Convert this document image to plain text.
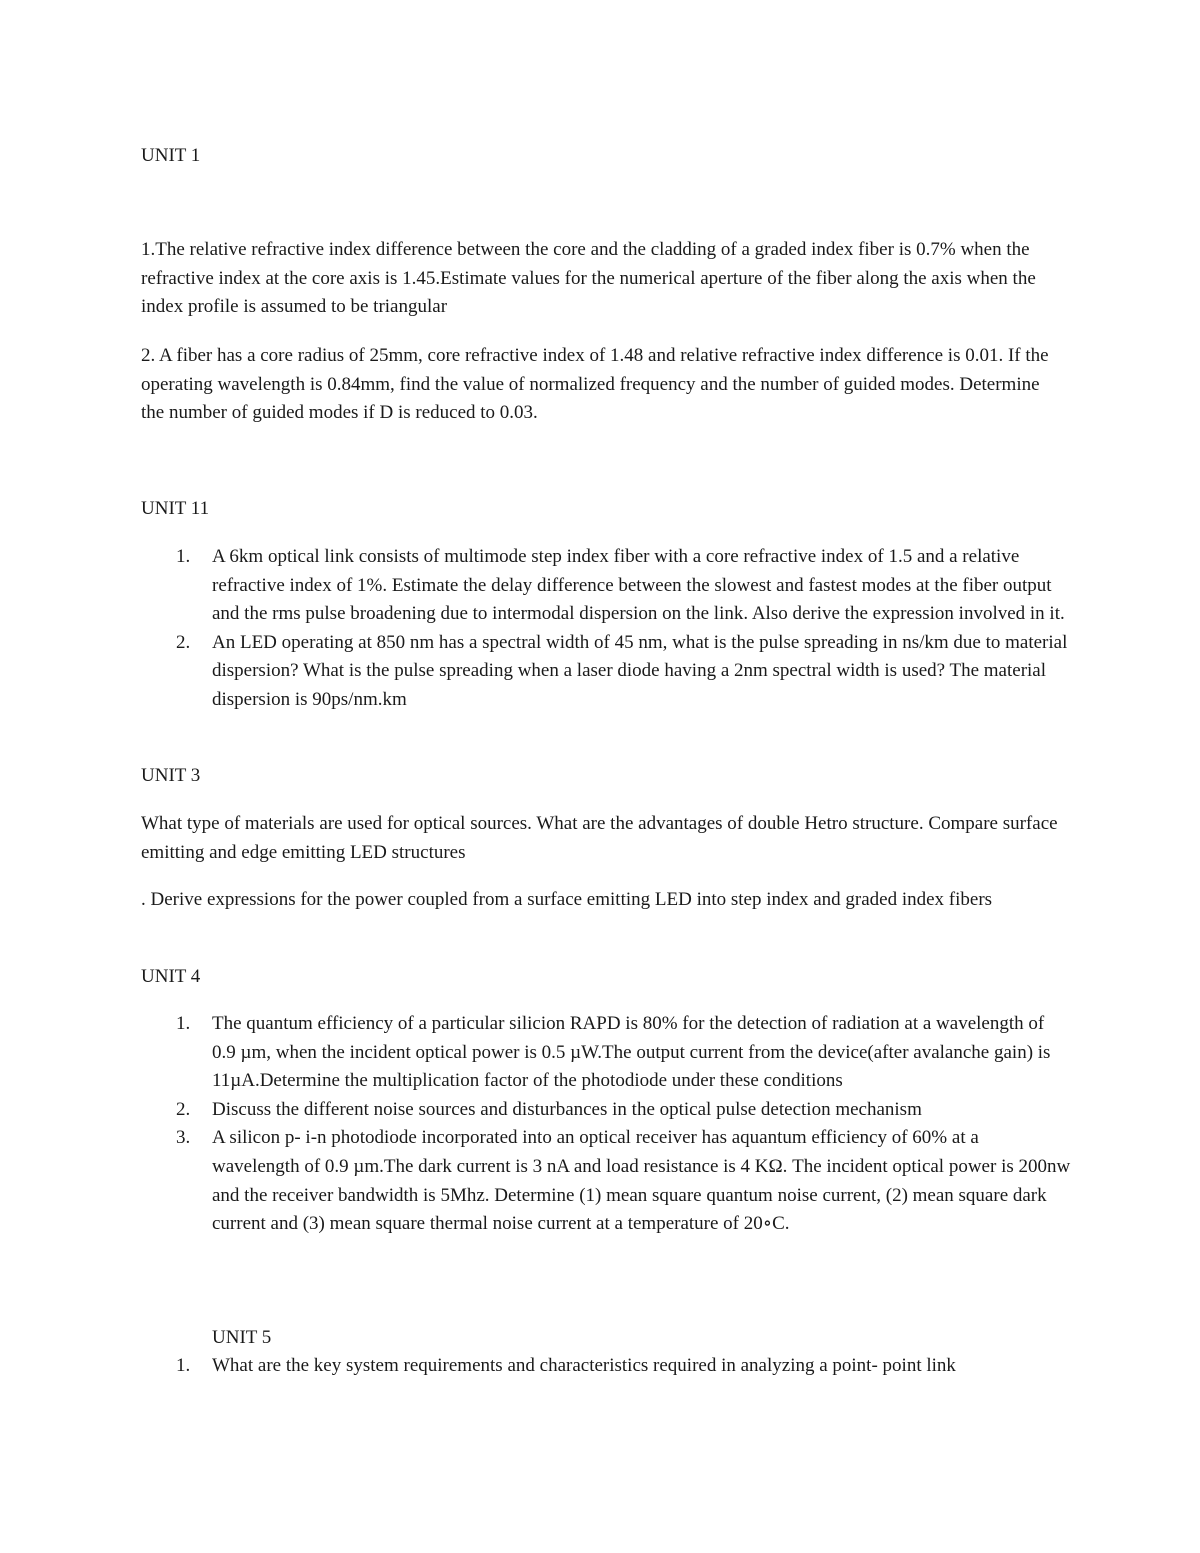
UNIT 1
1.The relative refractive index difference between the core and the cladding of a graded index fiber is 0.7% when the refractive index at the core axis is 1.45.Estimate values for the numerical aperture of the fiber along the axis when the index profile is assumed to be triangular
2. A fiber has a core radius of 25mm, core refractive index of 1.48 and relative refractive index difference is 0.01. If the operating wavelength is 0.84mm, find the value of normalized frequency and the number of guided modes. Determine the number of guided modes if D is reduced to 0.03.
UNIT 11
1. A 6km optical link consists of multimode step index fiber with a core refractive index of 1.5 and a relative refractive index of 1%. Estimate the delay difference between the slowest and fastest modes at the fiber output and the rms pulse broadening due to intermodal dispersion on the link. Also derive the expression involved in it.
2. An LED operating at 850 nm has a spectral width of 45 nm, what is the pulse spreading in ns/km due to material dispersion? What is the pulse spreading when a laser diode having a 2nm spectral width is used? The material dispersion is 90ps/nm.km
UNIT 3
What type of materials are used for optical sources. What are the advantages of double Hetro structure. Compare surface emitting and edge emitting LED structures
. Derive expressions for the power coupled from a surface emitting LED into step index and graded index fibers
UNIT 4
1. The quantum efficiency of a particular silicion RAPD is 80% for the detection of radiation at a wavelength of 0.9 µm, when the incident optical power is 0.5 µW.The output current from the device(after avalanche gain) is 11µA.Determine the multiplication factor of the photodiode under these conditions
2. Discuss the different noise sources and disturbances in the optical pulse detection mechanism
3. A silicon p- i-n photodiode incorporated into an optical receiver has aquantum efficiency of 60% at a wavelength of 0.9 µm.The dark current is 3 nA and load resistance is 4 KΩ. The incident optical power is 200nw and the receiver bandwidth is 5Mhz. Determine (1) mean square quantum noise current, (2) mean square dark current and (3) mean square thermal noise current at a temperature of 20∘C.
UNIT 5
1. What are the key system requirements and characteristics required in analyzing a point- point link
